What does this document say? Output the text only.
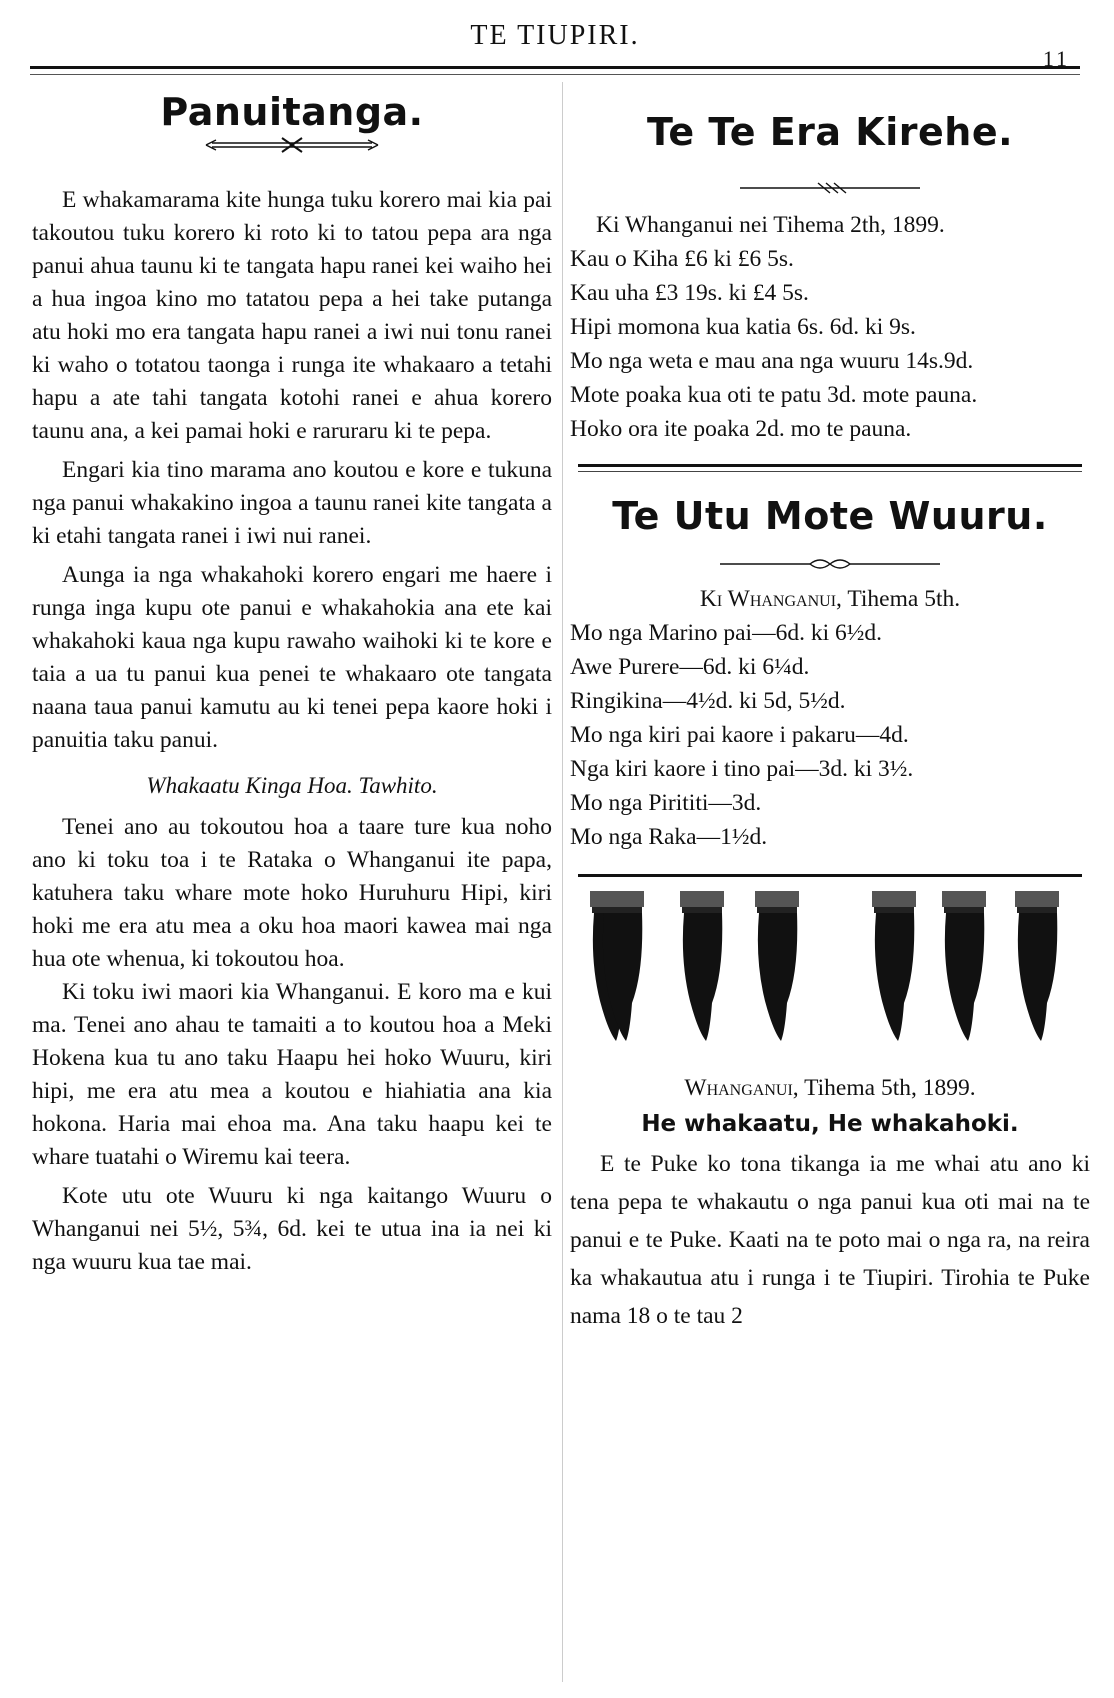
TE TIUPIRI.
11
Panuitanga.

E whakamarama kite hunga tuku korero mai kia pai takoutou tuku korero ki roto ki to tatou pepa ara nga panui ahua taunu ki te tangata hapu ranei kei waiho hei a hua ingoa kino mo tatatou pepa a hei take putanga atu hoki mo era tangata hapu ranei a iwi nui tonu ranei ki waho o totatou taonga i runga ite whakaaro a tetahi hapu a ate tahi tangata kotohi ranei e ahua korero taunu ana, a kei pamai hoki e raruraru ki te pepa.

Engari kia tino marama ano koutou e kore e tukuna nga panui whakakino ingoa a taunu ranei kite tangata a ki etahi tangata ranei i iwi nui ranei.

Aunga ia nga whakahoki korero engari me haere i runga inga kupu ote panui e whakahokia ana ete kai whakahoki kaua nga kupu rawaho waihoki ki te kore e taia a ua tu panui kua penei te whakaaro ote tangata naana taua panui kamutu au ki tenei pepa kaore hoki i panuitia taku panui.

Whakaatu Kinga Hoa. Tawhito.

Tenei ano au tokoutou hoa a taare ture kua noho ano ki toku toa i te Rataka o Whanganui ite papa, katuhera taku whare mote hoko Huruhuru Hipi, kiri hoki me era atu mea a oku hoa maori kawea mai nga hua ote whenua, ki tokoutou hoa.

Ki toku iwi maori kia Whanganui. E koro ma e kui ma. Tenei ano ahau te tamaiti a to koutou hoa a Meki Hokena kua tu ano taku Haapu hei hoko Wuuru, kiri hipi, me era atu mea a koutou e hiahiatia ana kia hokona. Haria mai ehoa ma. Ana taku haapu kei te whare tuatahi o Wiremu kai teera.

Kote utu ote Wuuru ki nga kaitango Wuuru o Whanganui nei 5½, 5¾, 6d. kei te utua ina ia nei ki nga wuuru kua tae mai.

Te Te Era Kirehe.
Ki Whanganui nei Tihema 2th, 1899.
Kau o Kiha £6 ki £6 5s.
Kau uha £3 19s. ki £4 5s.
Hipi momona kua katia 6s. 6d. ki 9s.
Mo nga weta e mau ana nga wuuru 14s.9d.
Mote poaka kua oti te patu 3d. mote pauna.
Hoko ora ite poaka 2d. mo te pauna.
Te Utu Mote Wuuru.
Ki Whanganui, Tihema 5th.
Mo nga Marino pai—6d. ki 6½d.
Awe Purere—6d. ki 6¼d.
Ringikina—4½d. ki 5d, 5½d.
Mo nga kiri pai kaore i pakaru—4d.
Nga kiri kaore i tino pai—3d. ki 3½.
Mo nga Pirititi—3d.
Mo nga Raka—1½d.
Whanganui, Tihema 5th, 1899.
He whakaatu, He whakahoki.

E te Puke ko tona tikanga ia me whai atu ano ki tena pepa te whakautu o nga panui kua oti mai na te panui e te Puke. Kaati na te poto mai o nga ra, na reira ka whakautua atu i runga i te Tiupiri. Tirohia te Puke nama 18 o te tau 2
